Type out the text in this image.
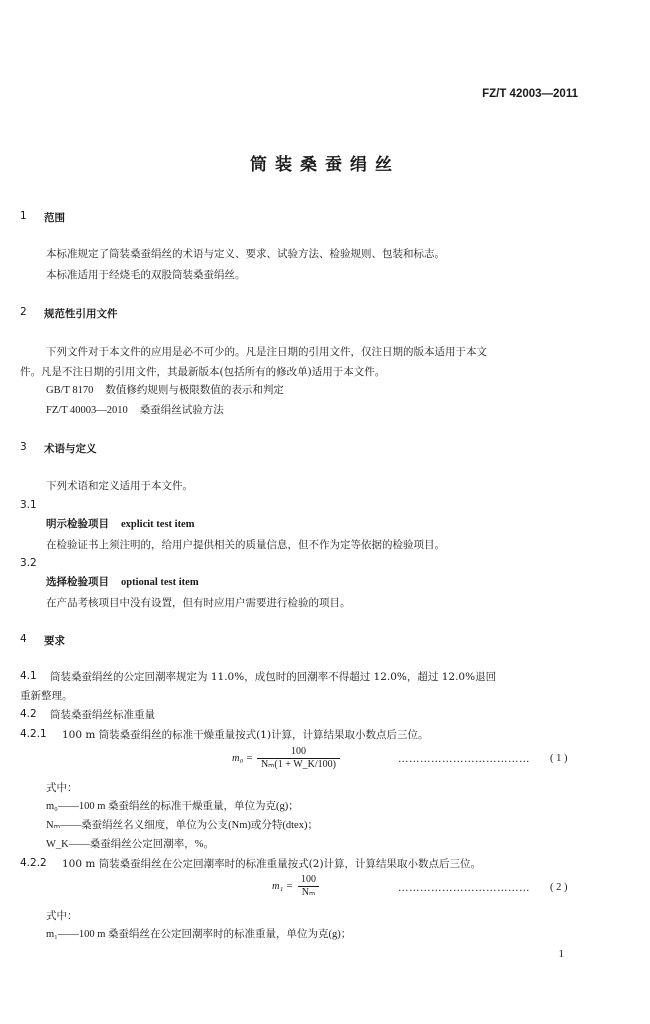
FZ/T 42003—2011
筒装桑蚕绢丝
1 范围
本标准规定了筒装桑蚕绢丝的术语与定义、要求、试验方法、检验规则、包装和标志。
本标准适用于经烧毛的双股筒装桑蚕绢丝。
2 规范性引用文件
下列文件对于本文件的应用是必不可少的。凡是注日期的引用文件，仅注日期的版本适用于本文
件。凡是不注日期的引用文件，其最新版本(包括所有的修改单)适用于本文件。
GB/T 8170 数值修约规则与极限数值的表示和判定
FZ/T 40003—2010 桑蚕绢丝试验方法
3 术语与定义
下列术语和定义适用于本文件。
3.1
明示检验项目 explicit test item
在检验证书上须注明的，给用户提供相关的质量信息，但不作为定等依据的检验项目。
3.2
选择检验项目 optional test item
在产品考核项目中没有设置，但有时应用户需要进行检验的项目。
4 要求
4.1 筒装桑蚕绢丝的公定回潮率规定为 11.0%，成包时的回潮率不得超过 12.0%，超过 12.0%退回
重新整理。
4.2 筒装桑蚕绢丝标准重量
4.2.1 100 m 筒装桑蚕绢丝的标准干燥重量按式(1)计算，计算结果取小数点后三位。
$m_0 = \frac{100}{\text{Nₘ(1 + W\_K/100)}}$	……………………………… ( 1 )
式中：
m₀——100 m 桑蚕绢丝的标准干燥重量，单位为克(g)；
Nₘ——桑蚕绢丝名义细度，单位为公支(Nm)或分特(dtex)；
W_K——桑蚕绢丝公定回潮率，%。
4.2.2 100 m 筒装桑蚕绢丝在公定回潮率时的标准重量按式(2)计算，计算结果取小数点后三位。
$m_1 = \frac{100}{\text{Nₘ}}$	……………………………… ( 2 )
式中：
m₁——100 m 桑蚕绢丝在公定回潮率时的标准重量，单位为克(g)；
1
